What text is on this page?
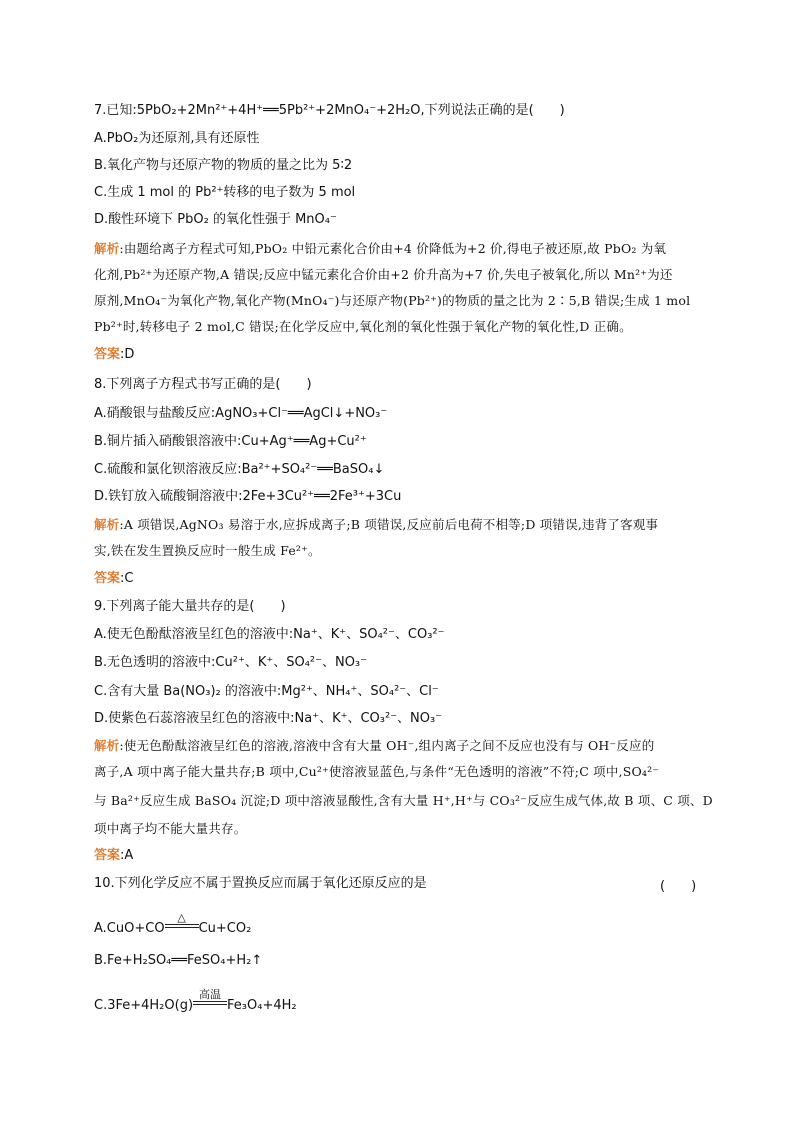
7.已知:5PbO₂+2Mn²⁺+4H⁺══5Pb²⁺+2MnO₄⁻+2H₂O,下列说法正确的是(　　)
A.PbO₂为还原剂,具有还原性
B.氧化产物与还原产物的物质的量之比为 5∶2
C.生成 1 mol 的 Pb²⁺转移的电子数为 5 mol
D.酸性环境下 PbO₂ 的氧化性强于 MnO₄⁻
解析:由题给离子方程式可知,PbO₂ 中铅元素化合价由+4 价降低为+2 价,得电子被还原,故 PbO₂ 为氧
化剂,Pb²⁺为还原产物,A 错误;反应中锰元素化合价由+2 价升高为+7 价,失电子被氧化,所以 Mn²⁺为还
原剂,MnO₄⁻为氧化产物,氧化产物(MnO₄⁻)与还原产物(Pb²⁺)的物质的量之比为 2∶5,B 错误;生成 1 mol
Pb²⁺时,转移电子 2 mol,C 错误;在化学反应中,氧化剂的氧化性强于氧化产物的氧化性,D 正确。
答案:D
8.下列离子方程式书写正确的是(　　)
A.硝酸银与盐酸反应:AgNO₃+Cl⁻══AgCl↓+NO₃⁻
B.铜片插入硝酸银溶液中:Cu+Ag⁺══Ag+Cu²⁺
C.硫酸和氯化钡溶液反应:Ba²⁺+SO₄²⁻══BaSO₄↓
D.铁钉放入硫酸铜溶液中:2Fe+3Cu²⁺══2Fe³⁺+3Cu
解析:A 项错误,AgNO₃ 易溶于水,应拆成离子;B 项错误,反应前后电荷不相等;D 项错误,违背了客观事
实,铁在发生置换反应时一般生成 Fe²⁺。
答案:C
9.下列离子能大量共存的是(　　)
A.使无色酚酞溶液呈红色的溶液中:Na⁺、K⁺、SO₄²⁻、CO₃²⁻
B.无色透明的溶液中:Cu²⁺、K⁺、SO₄²⁻、NO₃⁻
C.含有大量 Ba(NO₃)₂ 的溶液中:Mg²⁺、NH₄⁺、SO₄²⁻、Cl⁻
D.使紫色石蕊溶液呈红色的溶液中:Na⁺、K⁺、CO₃²⁻、NO₃⁻
解析:使无色酚酞溶液呈红色的溶液,溶液中含有大量 OH⁻,组内离子之间不反应也没有与 OH⁻反应的
离子,A 项中离子能大量共存;B 项中,Cu²⁺使溶液显蓝色,与条件“无色透明的溶液”不符;C 项中,SO₄²⁻
与 Ba²⁺反应生成 BaSO₄ 沉淀;D 项中溶液显酸性,含有大量 H⁺,H⁺与 CO₃²⁻反应生成气体,故 B 项、C 项、D
项中离子均不能大量共存。
答案:A
10.下列化学反应不属于置换反应而属于氧化还原反应的是	(　　)
A.CuO+CO
△
Cu+CO₂
B.Fe+H₂SO₄══FeSO₄+H₂↑
C.3Fe+4H₂O(g)
高温
Fe₃O₄+4H₂
